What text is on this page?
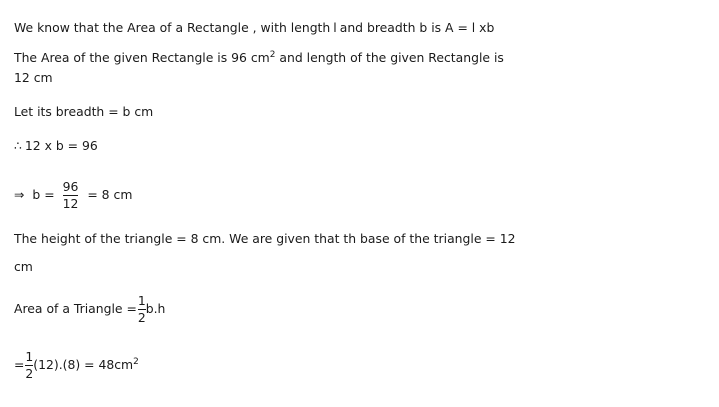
We know that the Area of a Rectangle , with length l and breadth b is A = l xb
The Area of the given Rectangle is 96 $cm^2$ and length of the given Rectangle is
12 cm
Let its breadth = b cm
∴ 12 x b = 96
⇒ $b = \frac{96}{12} = 8$ cm
The height of the triangle = 8 cm. We are given that th base of the triangle = 12
cm
Area of a Triangle = $\frac{1}{2} b.h$
= $\frac{1}{2} (12).(8) = 48cm^2$
